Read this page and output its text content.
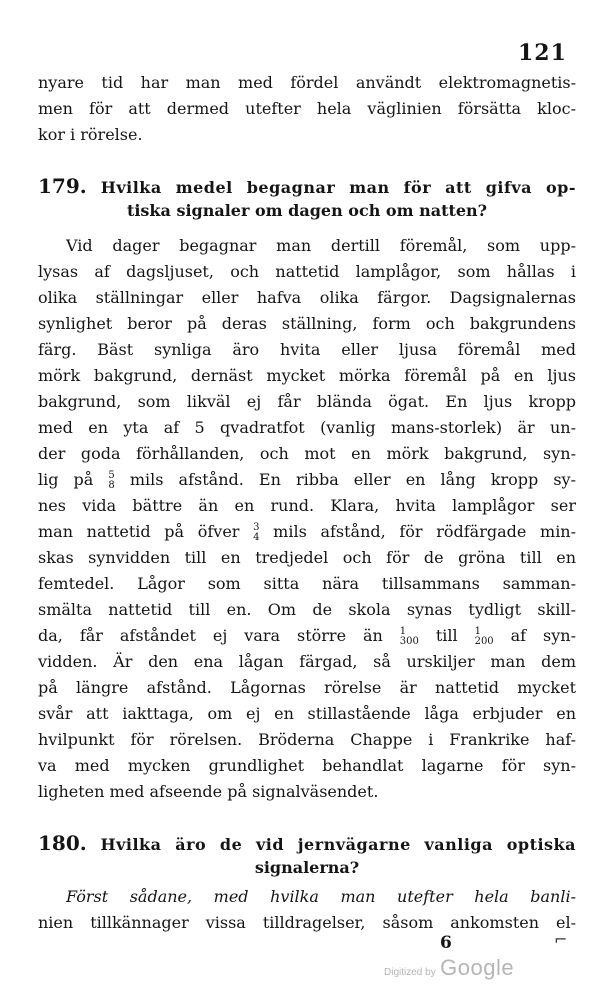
121
nyare tid har man med fördel användt elektromagnetis-
men för att dermed utefter hela väglinien försätta kloc-
kor i rörelse.
179. Hvilka medel begagnar man för att gifva op-
tiska signaler om dagen och om natten?
Vid dager begagnar man dertill föremål, som upp-
lysas af dagsljuset, och nattetid lamplågor, som hållas i
olika ställningar eller hafva olika färgor. Dagsignalernas
synlighet beror på deras ställning, form och bakgrundens
färg. Bäst synliga äro hvita eller ljusa föremål med
mörk bakgrund, dernäst mycket mörka föremål på en ljus
bakgrund, som likväl ej får blända ögat. En ljus kropp
med en yta af 5 qvadratfot (vanlig mans-storlek) är un-
der goda förhållanden, och mot en mörk bakgrund, syn-
lig på 5
8 mils afstånd. En ribba eller en lång kropp sy-
nes vida bättre än en rund. Klara, hvita lamplågor ser
man nattetid på öfver 3
4 mils afstånd, för rödfärgade min-
skas synvidden till en tredjedel och för de gröna till en
femtedel. Lågor som sitta nära tillsammans samman-
smälta nattetid till en. Om de skola synas tydligt skill-
da, får afståndet ej vara större än 1
300 till 1
200 af syn-
vidden. Är den ena lågan färgad, så urskiljer man dem
på längre afstånd. Lågornas rörelse är nattetid mycket
svår att iakttaga, om ej en stillastående låga erbjuder en
hvilpunkt för rörelsen. Bröderna Chappe i Frankrike haf-
va med mycken grundlighet behandlat lagarne för syn-
ligheten med afseende på signalväsendet.
180. Hvilka äro de vid jernvägarne vanliga optiska
signalerna?
Först sådane, med hvilka man utefter hela banli-
nien tillkännager vissa tilldragelser, såsom ankomsten el-
6	⌐
Digitized by Google
